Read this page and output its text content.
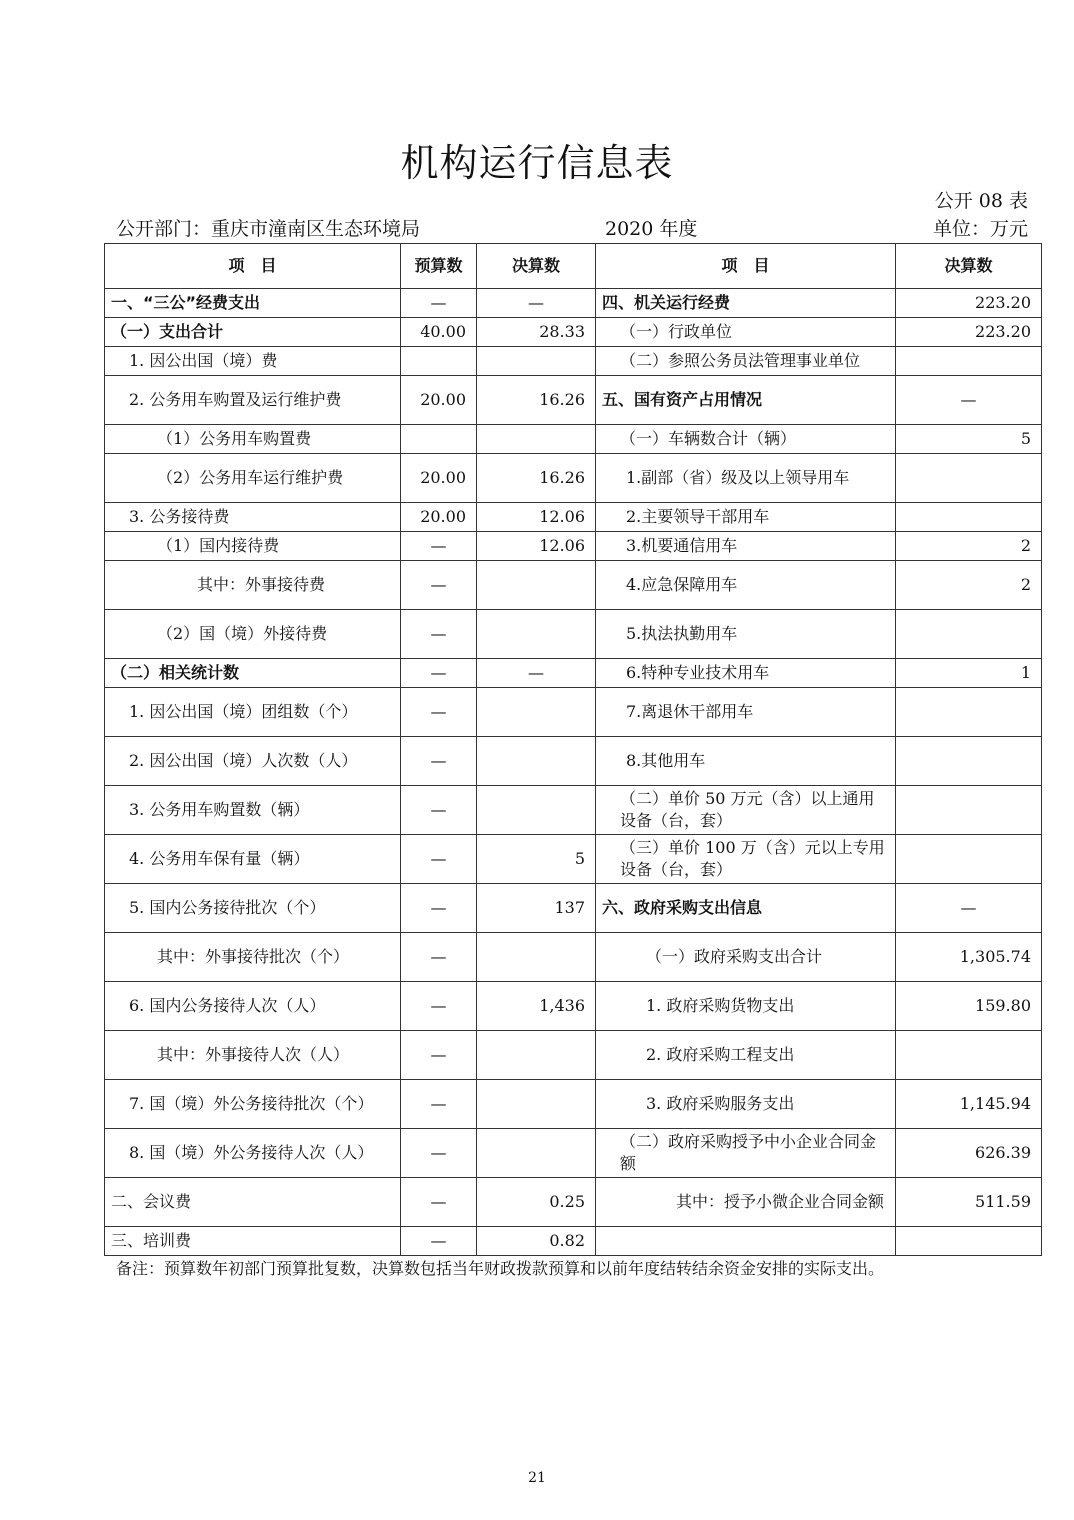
机构运行信息表
公开 08 表
公开部门：重庆市潼南区生态环境局	2020 年度	单位：万元
项　目	预算数	决算数	项　目	决算数
一、“三公”经费支出	—	—	四、机关运行经费	223.20
（一）支出合计	40.00	28.33	（一）行政单位	223.20
1. 因公出国（境）费			（二）参照公务员法管理事业单位	
2. 公务用车购置及运行维护费	20.00	16.26	五、国有资产占用情况	—
（1）公务用车购置费			（一）车辆数合计（辆）	5
（2）公务用车运行维护费	20.00	16.26	1.副部（省）级及以上领导用车	
3. 公务接待费	20.00	12.06	2.主要领导干部用车	
（1）国内接待费	—	12.06	3.机要通信用车	2
其中：外事接待费	—		4.应急保障用车	2
（2）国（境）外接待费	—		5.执法执勤用车	
（二）相关统计数	—	—	6.特种专业技术用车	1
1. 因公出国（境）团组数（个）	—		7.离退休干部用车	
2. 因公出国（境）人次数（人）	—		8.其他用车	
3. 公务用车购置数（辆）	—		（二）单价 50 万元（含）以上通用设备（台，套）	
4. 公务用车保有量（辆）	—	5	（三）单价 100 万（含）元以上专用设备（台，套）	
5. 国内公务接待批次（个）	—	137	六、政府采购支出信息	—
其中：外事接待批次（个）	—		（一）政府采购支出合计	1,305.74
6. 国内公务接待人次（人）	—	1,436	1. 政府采购货物支出	159.80
其中：外事接待人次（人）	—		2. 政府采购工程支出	
7. 国（境）外公务接待批次（个）	—		3. 政府采购服务支出	1,145.94
8. 国（境）外公务接待人次（人）	—		（二）政府采购授予中小企业合同金额	626.39
二、会议费	—	0.25	其中：授予小微企业合同金额	511.59
三、培训费	—	0.82		
备注：预算数年初部门预算批复数，决算数包括当年财政拨款预算和以前年度结转结余资金安排的实际支出。
21
